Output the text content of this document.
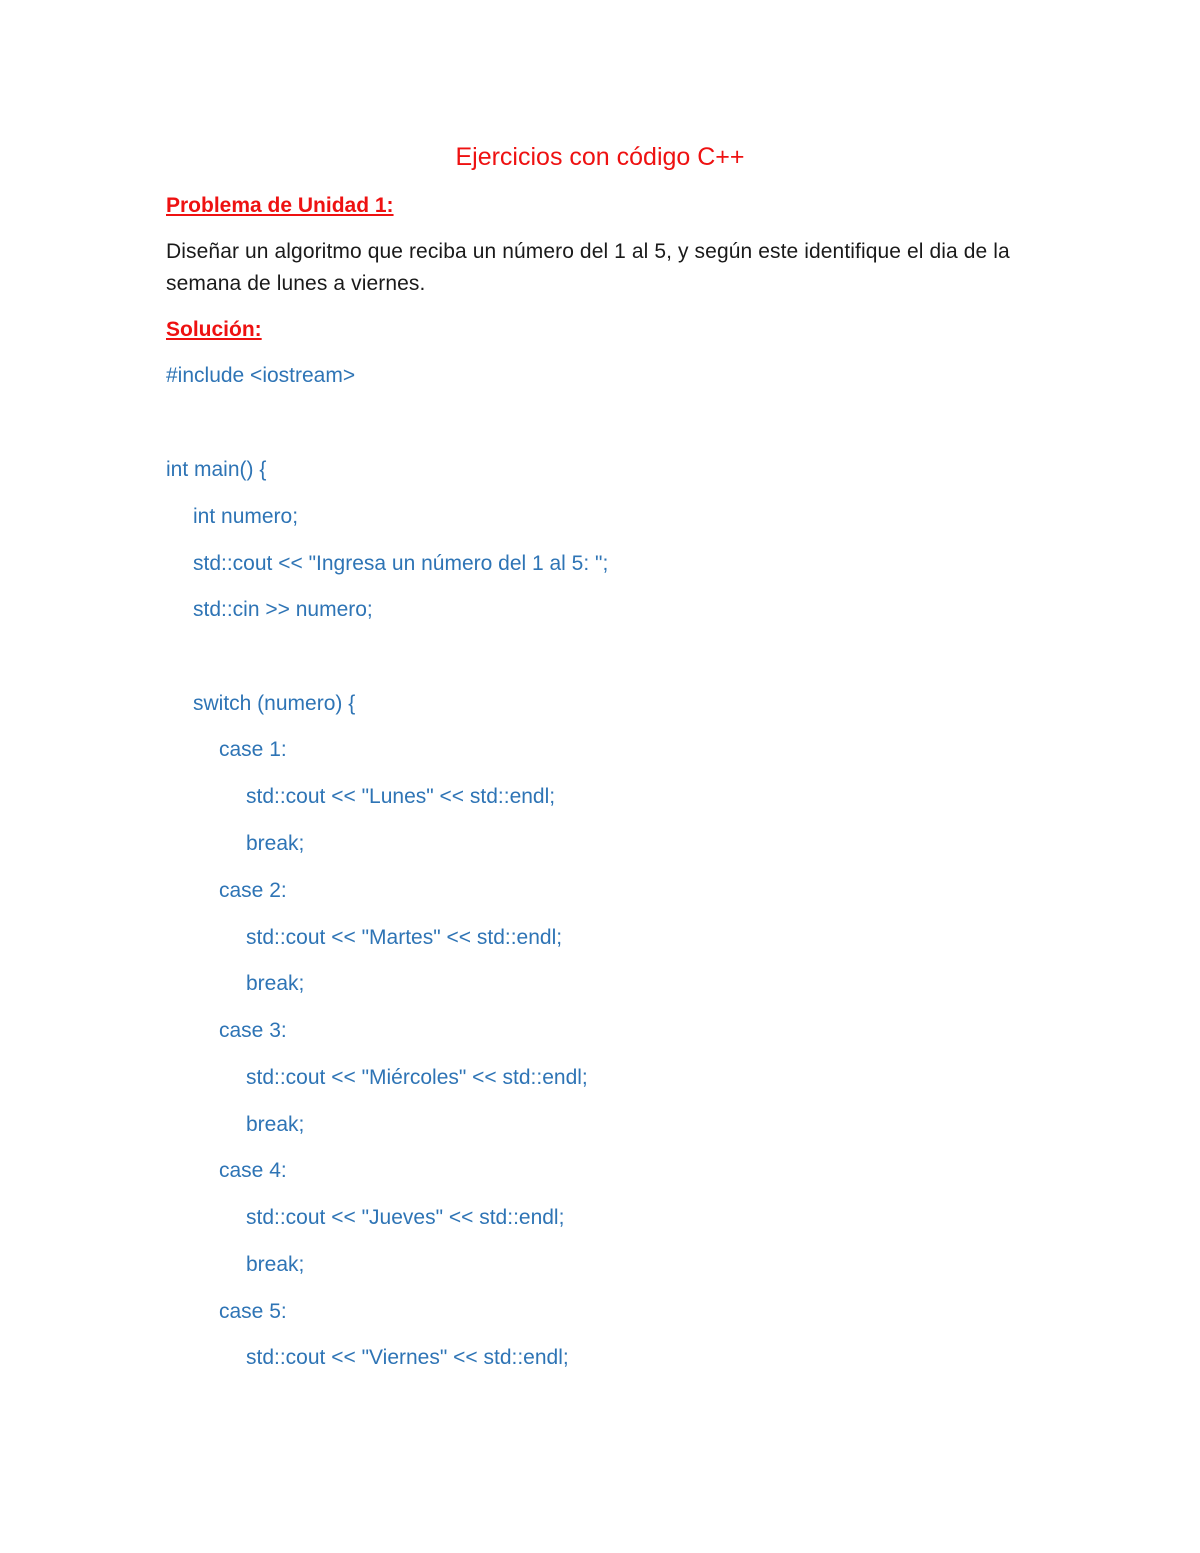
Ejercicios con código C++
Problema de Unidad 1:
Diseñar un algoritmo que reciba un número del 1 al 5, y según este identifique el dia de la semana de lunes a viernes.
Solución:
#include <iostream>
int main() {
int numero;
std::cout << "Ingresa un número del 1 al 5: ";
std::cin >> numero;
switch (numero) {
case 1:
std::cout << "Lunes" << std::endl;
break;
case 2:
std::cout << "Martes" << std::endl;
break;
case 3:
std::cout << "Miércoles" << std::endl;
break;
case 4:
std::cout << "Jueves" << std::endl;
break;
case 5:
std::cout << "Viernes" << std::endl;
